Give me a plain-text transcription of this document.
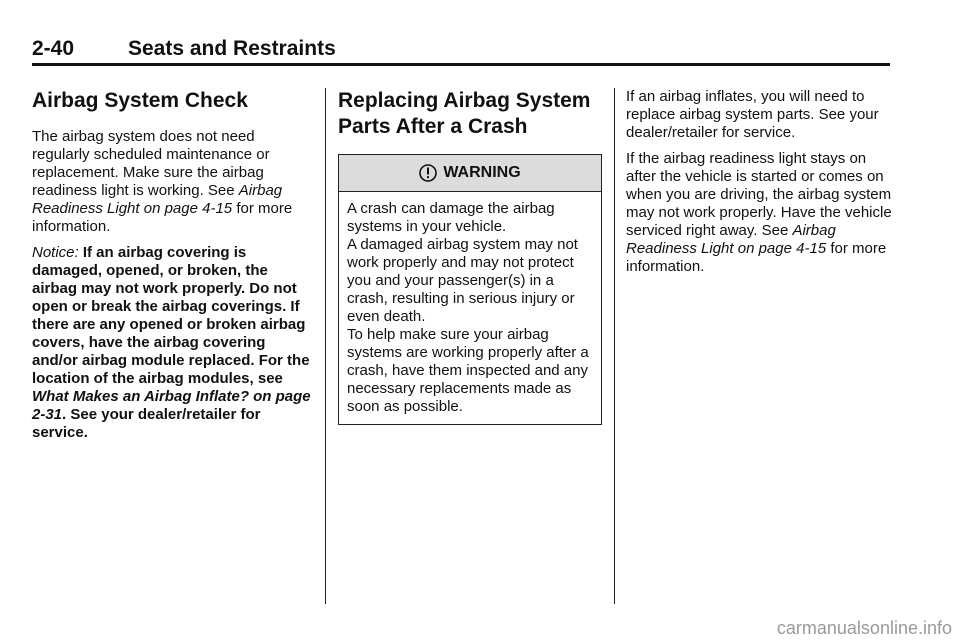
2-40	Seats and Restraints
Airbag System Check

The airbag system does not need regularly scheduled maintenance or replacement. Make sure the airbag readiness light is working. See Airbag Readiness Light on page 4-15 for more information.

Notice: If an airbag covering is damaged, opened, or broken, the airbag may not work properly. Do not open or break the airbag coverings. If there are any opened or broken airbag covers, have the airbag covering and/or airbag module replaced. For the location of the airbag modules, see What Makes an Airbag Inflate? on page 2-31. See your dealer/retailer for service.

Replacing Airbag System Parts After a Crash
WARNING

A crash can damage the airbag systems in your vehicle.

A damaged airbag system may not work properly and may not protect you and your passenger(s) in a crash, resulting in serious injury or even death.

To help make sure your airbag systems are working properly after a crash, have them inspected and any necessary replacements made as soon as possible.

If an airbag inflates, you will need to replace airbag system parts. See your dealer/retailer for service.

If the airbag readiness light stays on after the vehicle is started or comes on when you are driving, the airbag system may not work properly. Have the vehicle serviced right away. See Airbag Readiness Light on page 4-15 for more information.

carmanualsonline.info
